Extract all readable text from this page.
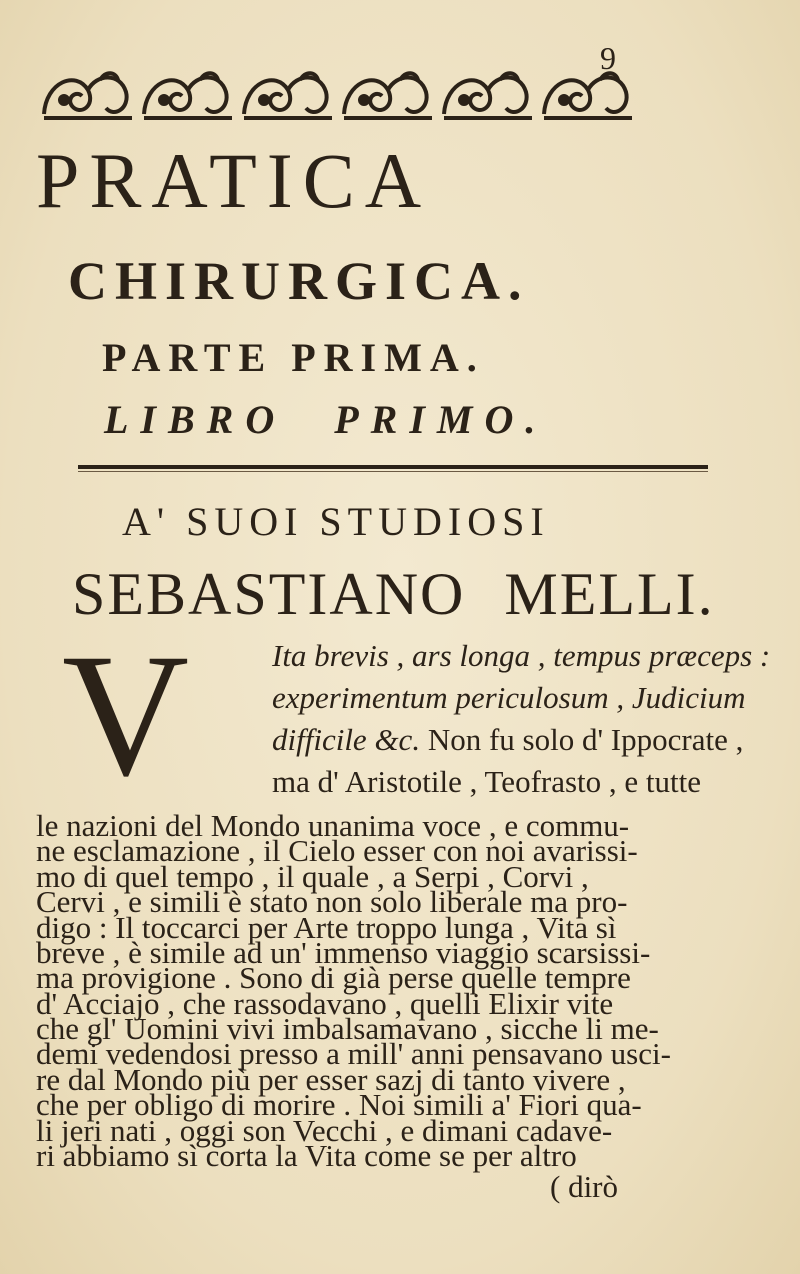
9
PRATICA
CHIRURGICA.
PARTE PRIMA.
LIBRO PRIMO.
A' SUOI STUDIOSI
SEBASTIANO MELLI.
V	Ita brevis , ars longa , tempus præceps :
experimentum periculosum , Judicium
difficile &c. Non fu solo d' Ippocrate ,
ma d' Aristotile , Teofrasto , e tutte
le nazioni del Mondo unanima voce , e commu-
ne esclamazione , il Cielo esser con noi avarissi-
mo di quel tempo , il quale , a Serpi , Corvi ,
Cervi , e simili è stato non solo liberale ma pro-
digo : Il toccarci per Arte troppo lunga , Vita sì
breve , è simile ad un' immenso viaggio scarsissi-
ma provigione . Sono di già perse quelle tempre
d' Acciajo , che rassodavano , quelli Elixir vite
che gl' Uomini vivi imbalsamavano , sicche li me-
demi vedendosi presso a mill' anni pensavano usci-
re dal Mondo più per esser sazj di tanto vivere ,
che per obligo di morire . Noi simili a' Fiori qua-
li jeri nati , oggi son Vecchi , e dimani cadave-
ri abbiamo sì corta la Vita come se per altro
( dirò
